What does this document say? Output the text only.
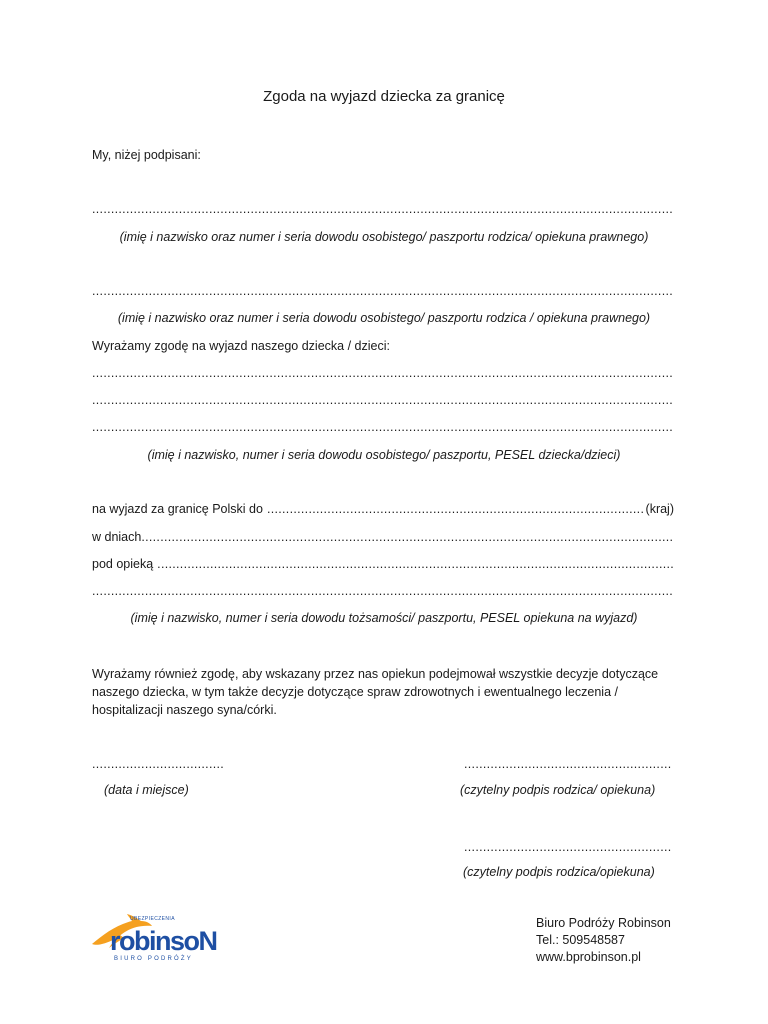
Zgoda na wyjazd dziecka za granicę
My, niżej podpisani:
.....
(imię i nazwisko oraz numer i seria dowodu osobistego/ paszportu rodzica/ opiekuna prawnego)
.....
(imię i nazwisko oraz numer i seria dowodu osobistego/ paszportu rodzica / opiekuna prawnego)
Wyrażamy zgodę na wyjazd naszego dziecka / dzieci:
.....
.....
.....
(imię i nazwisko, numer i seria dowodu osobistego/ paszportu, PESEL dziecka/dzieci)
na wyjazd za granicę Polski do
.....	(kraj)
w dniach
.....
pod opieką
.....
.....
(imię i nazwisko, numer i seria dowodu tożsamości/ paszportu, PESEL opiekuna na wyjazd)
Wyrażamy również zgodę, aby wskazany przez nas opiekun podejmował wszystkie decyzje dotyczące naszego dziecka, w tym także decyzje dotyczące spraw zdrowotnych i ewentualnego leczenia / hospitalizacji naszego syna/córki.
.....
(data i miejsce)
.....	(czytelny podpis rodzica/ opiekuna)
.....
(czytelny podpis rodzica/opiekuna)
UBEZPIECZENIA
robinsoN
BIURO PODRÓŻY
Biuro Podróży Robinson
Tel.: 509548587
www.bprobinson.pl
